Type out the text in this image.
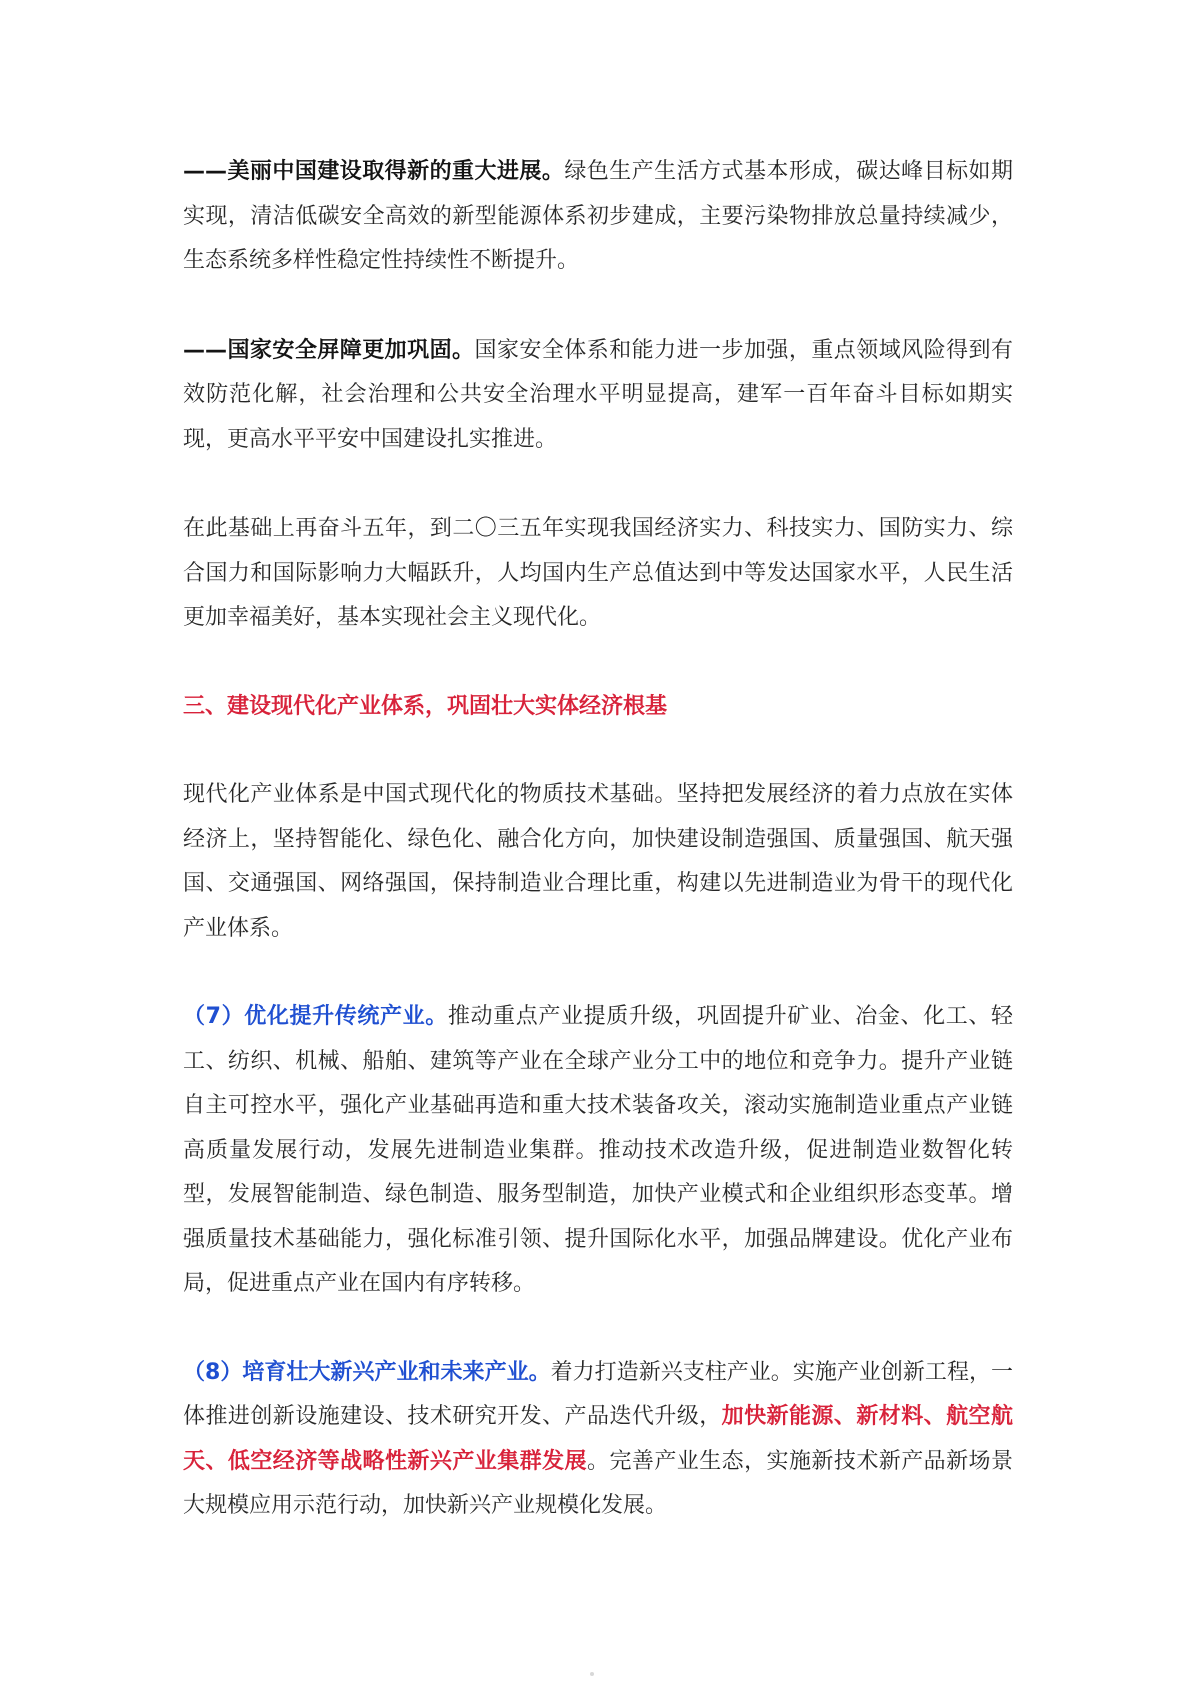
——美丽中国建设取得新的重大进展。绿色生产生活方式基本形成，碳达峰目标如期实现，清洁低碳安全高效的新型能源体系初步建成，主要污染物排放总量持续减少，生态系统多样性稳定性持续性不断提升。

——国家安全屏障更加巩固。国家安全体系和能力进一步加强，重点领域风险得到有效防范化解，社会治理和公共安全治理水平明显提高，建军一百年奋斗目标如期实现，更高水平平安中国建设扎实推进。

在此基础上再奋斗五年，到二〇三五年实现我国经济实力、科技实力、国防实力、综合国力和国际影响力大幅跃升，人均国内生产总值达到中等发达国家水平，人民生活更加幸福美好，基本实现社会主义现代化。

三、建设现代化产业体系，巩固壮大实体经济根基

现代化产业体系是中国式现代化的物质技术基础。坚持把发展经济的着力点放在实体经济上，坚持智能化、绿色化、融合化方向，加快建设制造强国、质量强国、航天强国、交通强国、网络强国，保持制造业合理比重，构建以先进制造业为骨干的现代化产业体系。

（7）优化提升传统产业。推动重点产业提质升级，巩固提升矿业、冶金、化工、轻工、纺织、机械、船舶、建筑等产业在全球产业分工中的地位和竞争力。提升产业链自主可控水平，强化产业基础再造和重大技术装备攻关，滚动实施制造业重点产业链高质量发展行动，发展先进制造业集群。推动技术改造升级，促进制造业数智化转型，发展智能制造、绿色制造、服务型制造，加快产业模式和企业组织形态变革。增强质量技术基础能力，强化标准引领、提升国际化水平，加强品牌建设。优化产业布局，促进重点产业在国内有序转移。

（8）培育壮大新兴产业和未来产业。着力打造新兴支柱产业。实施产业创新工程，一体推进创新设施建设、技术研究开发、产品迭代升级，加快新能源、新材料、航空航天、低空经济等战略性新兴产业集群发展。完善产业生态，实施新技术新产品新场景大规模应用示范行动，加快新兴产业规模化发展。
